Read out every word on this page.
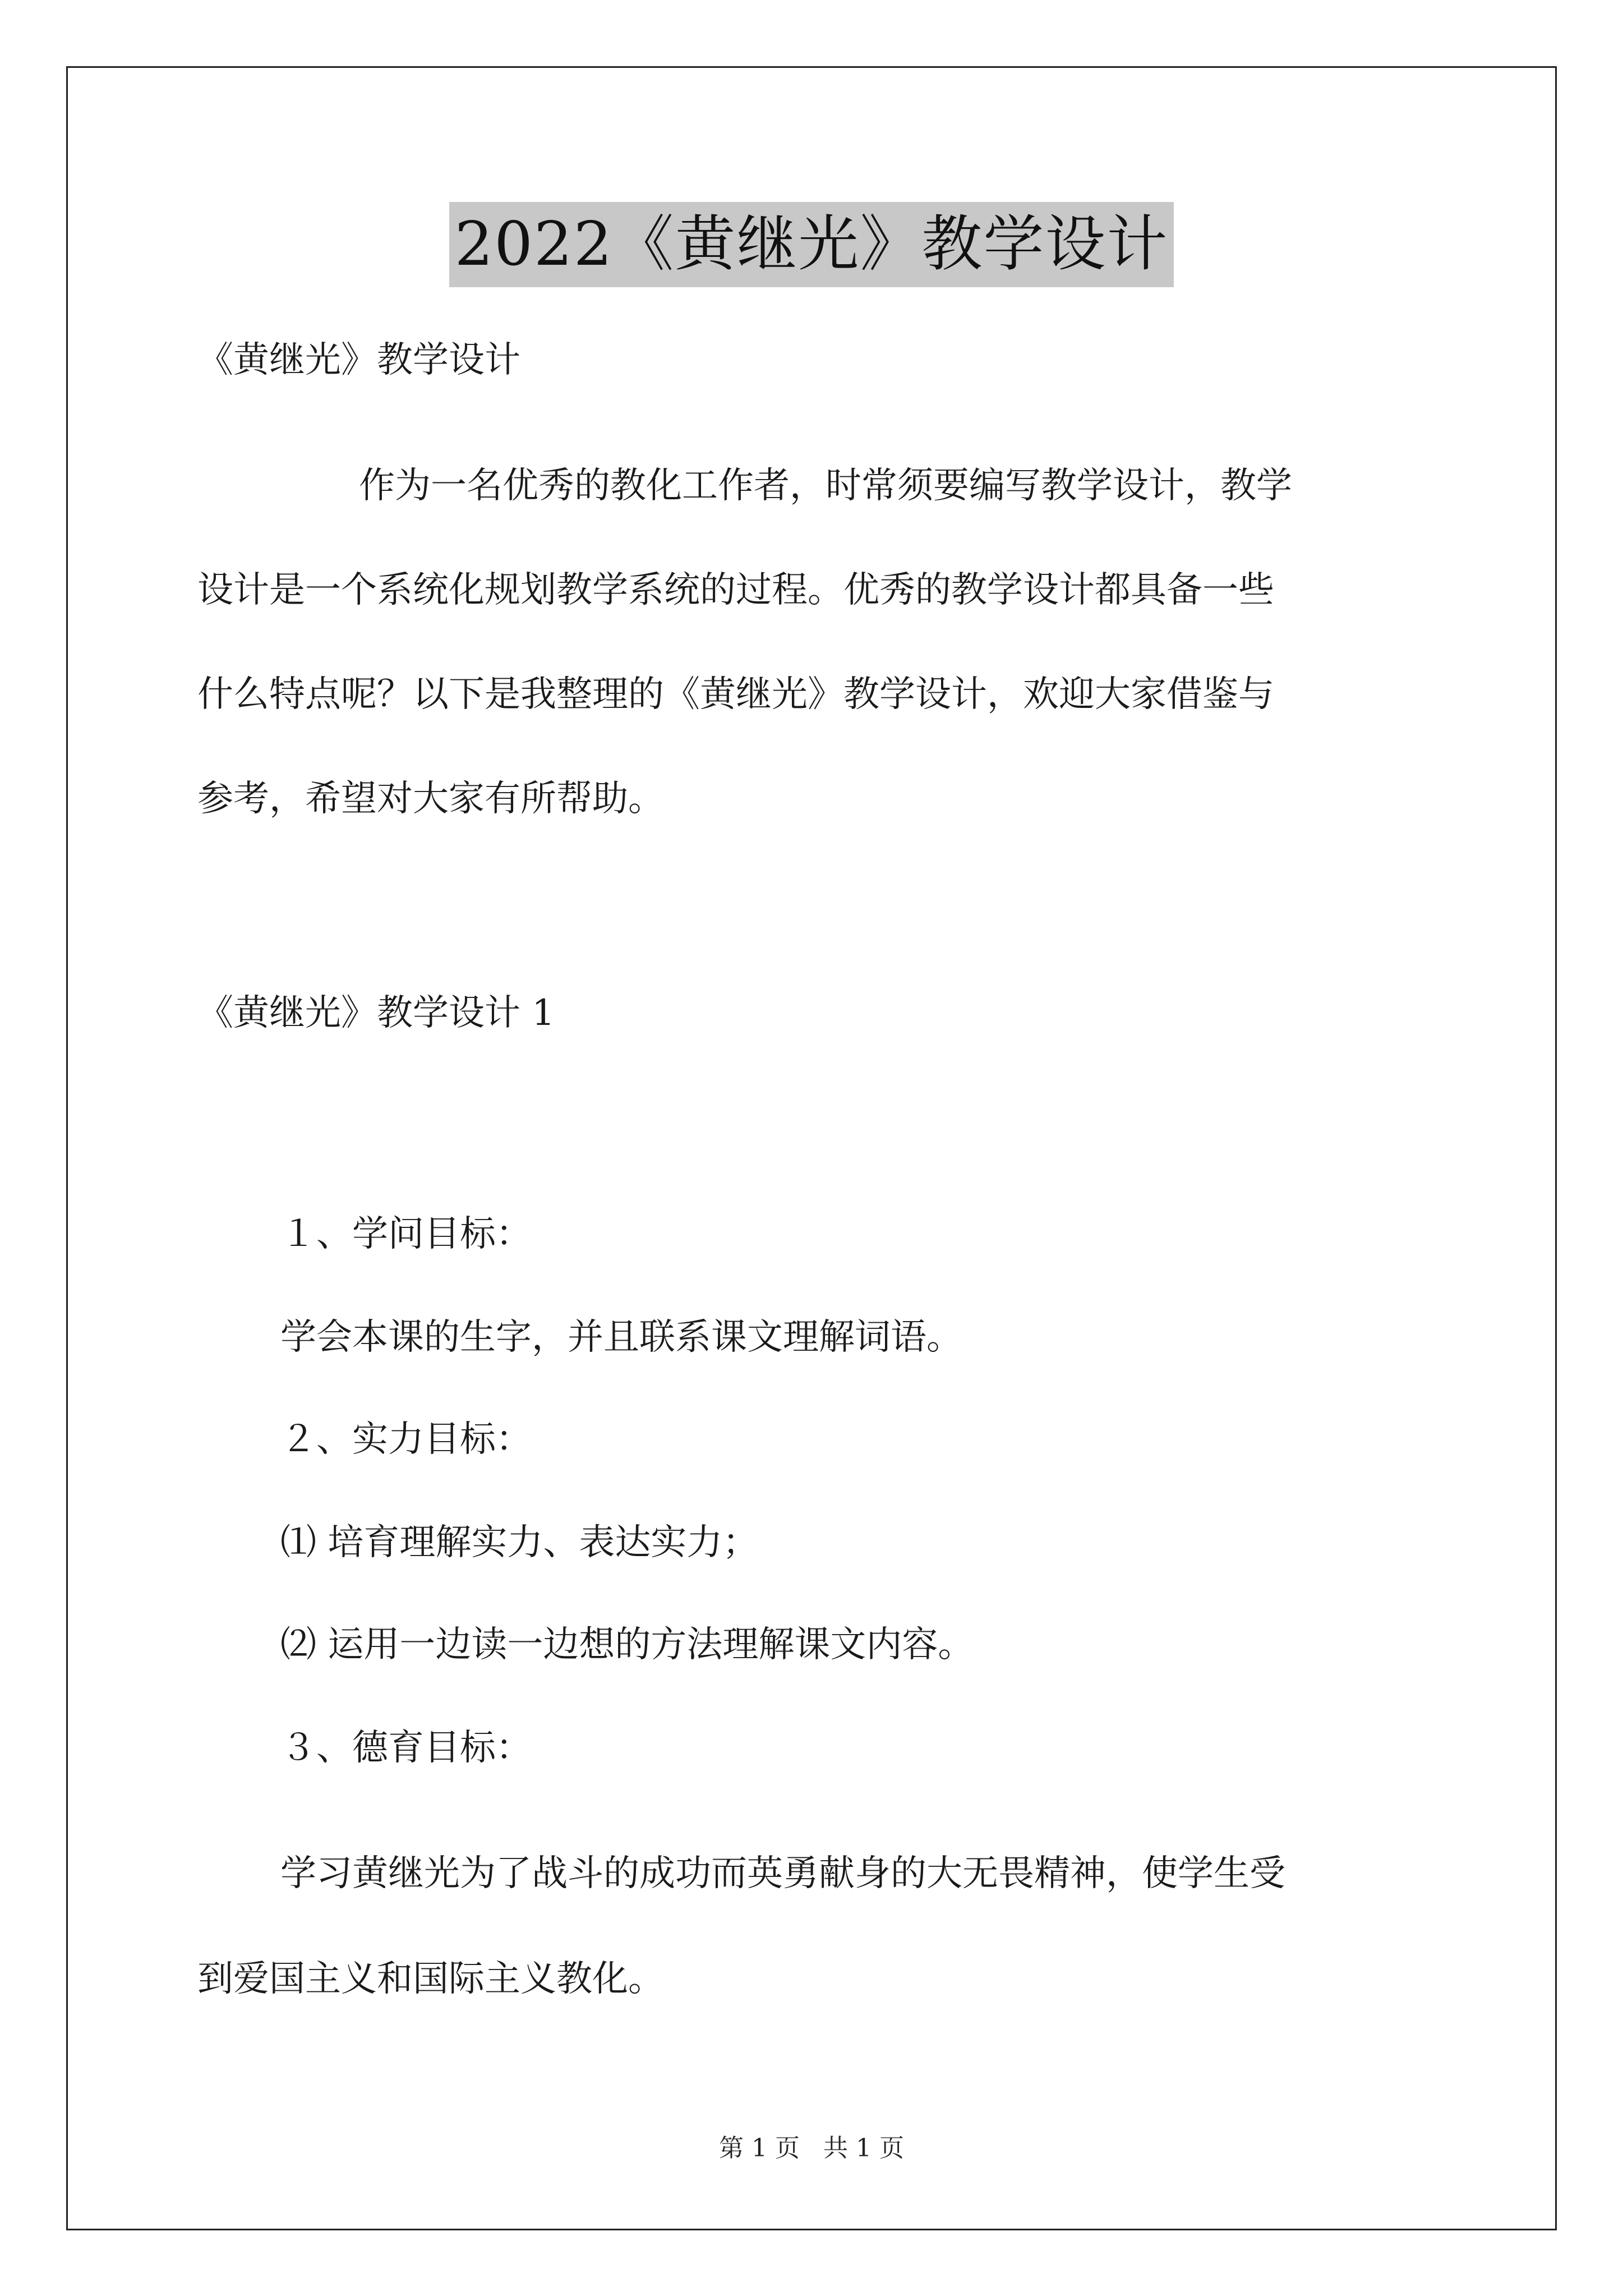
2022《黄继光》教学设计
《黄继光》教学设计
作为一名优秀的教化工作者，时常须要编写教学设计，教学
设计是一个系统化规划教学系统的过程。优秀的教学设计都具备一些
什么特点呢？以下是我整理的《黄继光》教学设计，欢迎大家借鉴与
参考，希望对大家有所帮助。
《黄继光》教学设计 1
１、学问目标：
学会本课的生字，并且联系课文理解词语。
２、实力目标：
⑴ 培育理解实力、表达实力；
⑵ 运用一边读一边想的方法理解课文内容。
３、德育目标：
学习黄继光为了战斗的成功而英勇献身的大无畏精神，使学生受
到爱国主义和国际主义教化。
第 1 页 共 1 页
